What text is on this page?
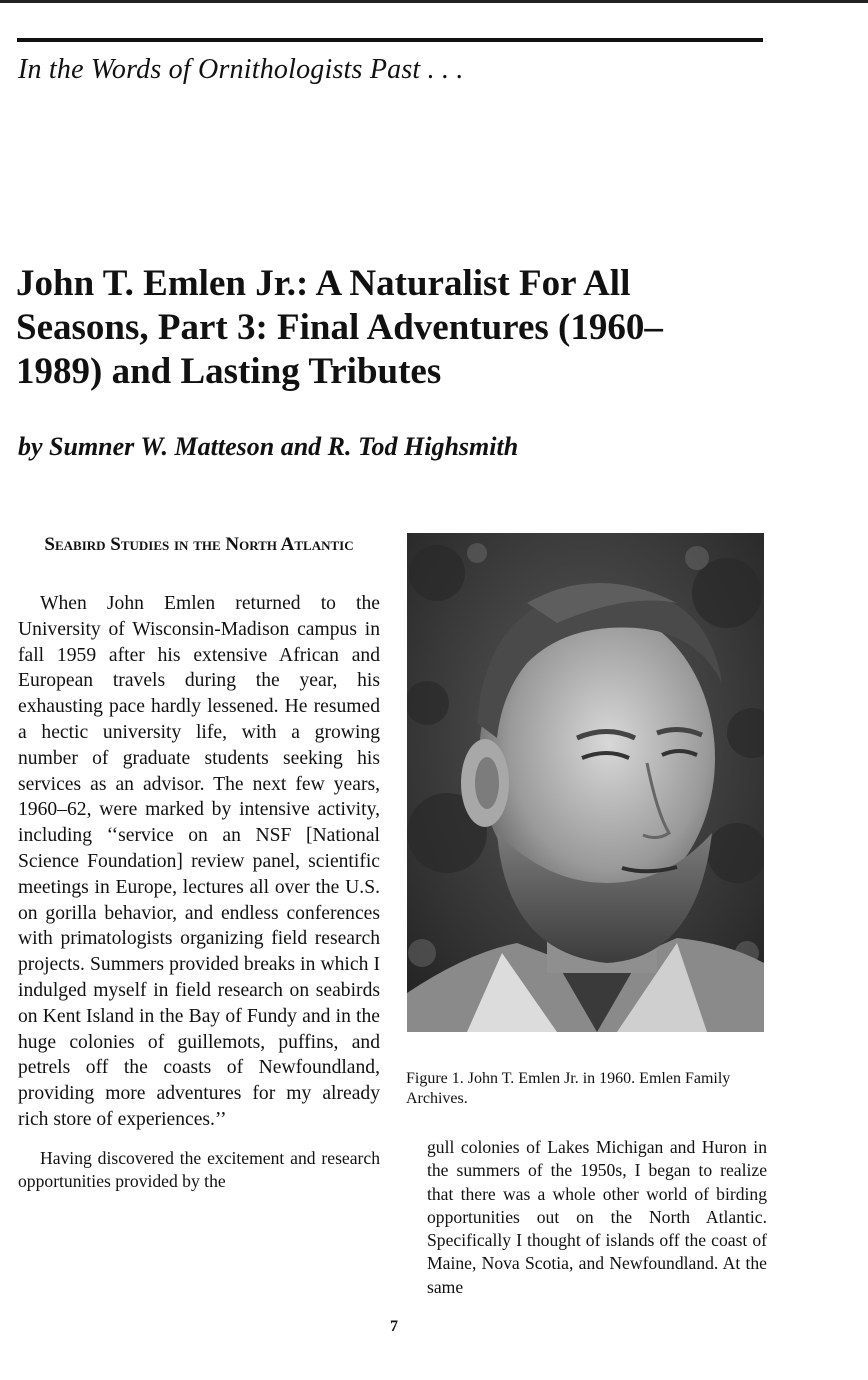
In the Words of Ornithologists Past . . .
John T. Emlen Jr.: A Naturalist For All Seasons, Part 3: Final Adventures (1960–1989) and Lasting Tributes
by Sumner W. Matteson and R. Tod Highsmith
Seabird Studies in the North Atlantic

When John Emlen returned to the University of Wisconsin-Madison campus in fall 1959 after his extensive African and European travels during the year, his exhausting pace hardly lessened. He resumed a hectic university life, with a growing number of graduate students seeking his services as an advisor. The next few years, 1960–62, were marked by intensive activity, including ‘‘service on an NSF [National Science Foundation] review panel, scientific meetings in Europe, lectures all over the U.S. on gorilla behavior, and endless conferences with primatologists organizing field research projects. Summers provided breaks in which I indulged myself in field research on seabirds on Kent Island in the Bay of Fundy and in the huge colonies of guillemots, puffins, and petrels off the coasts of Newfoundland, providing more adventures for my already rich store of experiences.’’

Having discovered the excitement and research opportunities provided by the

Figure 1. John T. Emlen Jr. in 1960. Emlen Family Archives.

gull colonies of Lakes Michigan and Huron in the summers of the 1950s, I began to realize that there was a whole other world of birding opportunities out on the North Atlantic. Specifically I thought of islands off the coast of Maine, Nova Scotia, and Newfoundland. At the same

7
